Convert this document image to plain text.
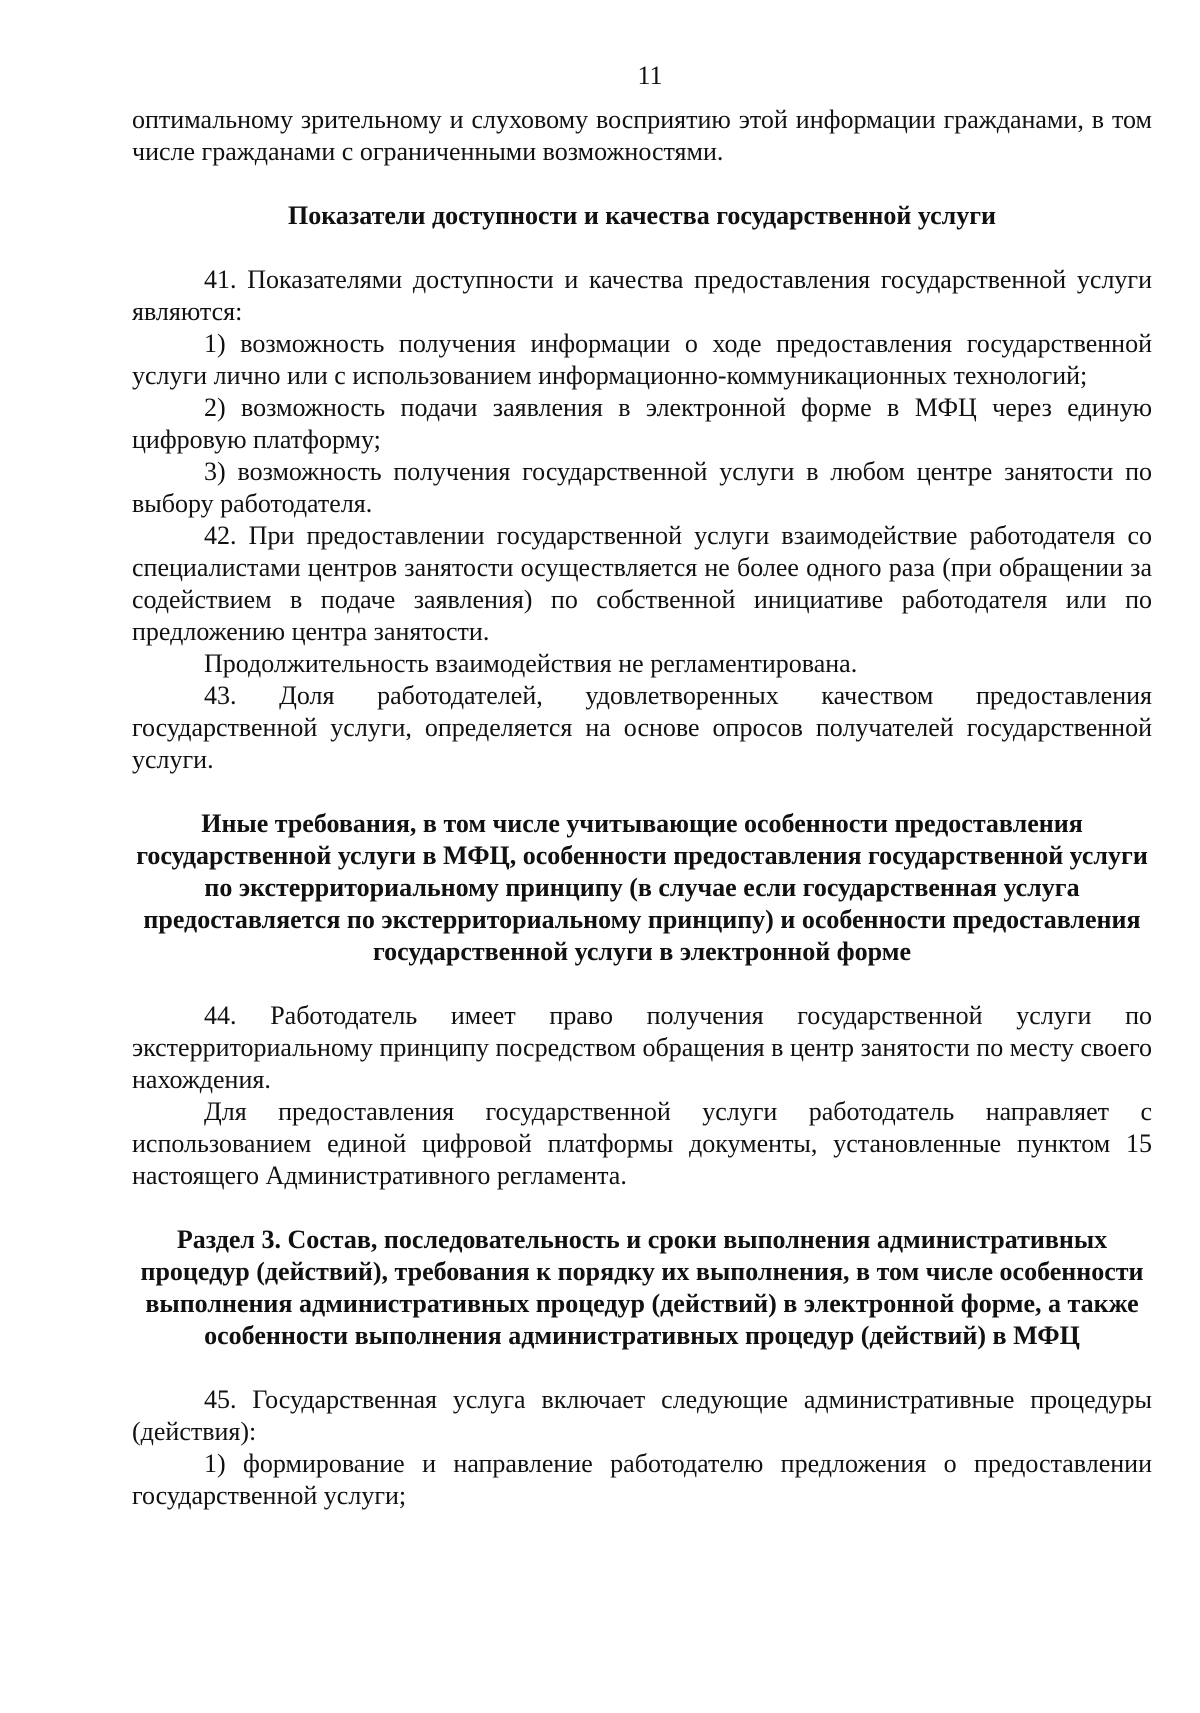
11

оптимальному зрительному и слуховому восприятию этой информации гражданами, в том числе гражданами с ограниченными возможностями.

Показатели доступности и качества государственной услуги

41. Показателями доступности и качества предоставления государственной услуги являются:

1) возможность получения информации о ходе предоставления государственной услуги лично или с использованием информационно-коммуникационных технологий;

2) возможность подачи заявления в электронной форме в МФЦ через единую цифровую платформу;

3) возможность получения государственной услуги в любом центре занятости по выбору работодателя.

42. При предоставлении государственной услуги взаимодействие работодателя со специалистами центров занятости осуществляется не более одного раза (при обращении за содействием в подаче заявления) по собственной инициативе работодателя или по предложению центра занятости.

Продолжительность взаимодействия не регламентирована.

43. Доля работодателей, удовлетворенных качеством предоставления государственной услуги, определяется на основе опросов получателей государственной услуги.

Иные требования, в том числе учитывающие особенности предоставления государственной услуги в МФЦ, особенности предоставления государственной услуги по экстерриториальному принципу (в случае если государственная услуга предоставляется по экстерриториальному принципу) и особенности предоставления государственной услуги в электронной форме

44. Работодатель имеет право получения государственной услуги по экстерриториальному принципу посредством обращения в центр занятости по месту своего нахождения.

Для предоставления государственной услуги работодатель направляет с использованием единой цифровой платформы документы, установленные пунктом 15 настоящего Административного регламента.

Раздел 3. Состав, последовательность и сроки выполнения административных процедур (действий), требования к порядку их выполнения, в том числе особенности выполнения административных процедур (действий) в электронной форме, а также особенности выполнения административных процедур (действий) в МФЦ

45. Государственная услуга включает следующие административные процедуры (действия):

1) формирование и направление работодателю предложения о предоставлении государственной услуги;
